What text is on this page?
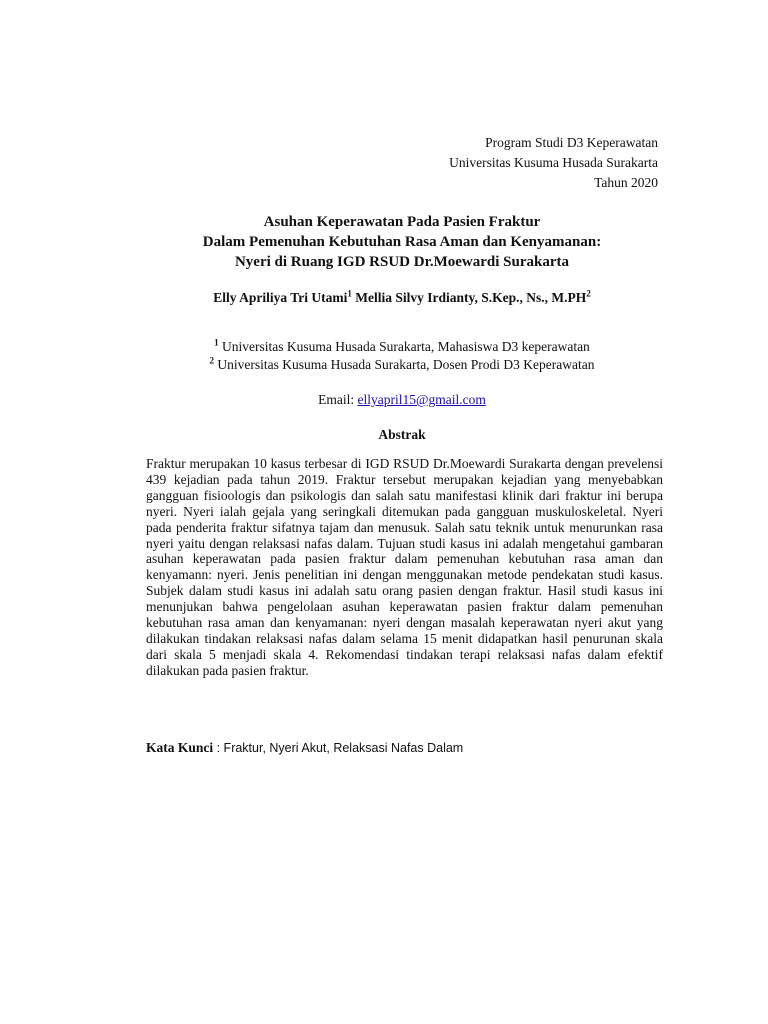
Program Studi D3 Keperawatan
Universitas Kusuma Husada Surakarta
Tahun 2020
Asuhan Keperawatan Pada Pasien Fraktur
Dalam Pemenuhan Kebutuhan Rasa Aman dan Kenyamanan:
Nyeri di Ruang IGD RSUD Dr.Moewardi Surakarta
Elly Apriliya Tri Utami$^1$ Mellia Silvy Irdianty, S.Kep., Ns., $M.PH^2$
$^1$ Universitas Kusuma Husada Surakarta, Mahasiswa D3 keperawatan
$^2$ Universitas Kusuma Husada Surakarta, Dosen Prodi D3 Keperawatan
Email: ellyapril15@gmail.com
Abstrak

Fraktur merupakan 10 kasus terbesar di IGD RSUD Dr.Moewardi Surakarta dengan prevelensi 439 kejadian pada tahun 2019. Fraktur tersebut merupakan kejadian yang menyebabkan gangguan fisioologis dan psikologis dan salah satu manifestasi klinik dari fraktur ini berupa nyeri. Nyeri ialah gejala yang seringkali ditemukan pada gangguan muskuloskeletal. Nyeri pada penderita fraktur sifatnya tajam dan menusuk. Salah satu teknik untuk menurunkan rasa nyeri yaitu dengan relaksasi nafas dalam. Tujuan studi kasus ini adalah mengetahui gambaran asuhan keperawatan pada pasien fraktur dalam pemenuhan kebutuhan rasa aman dan kenyamann: nyeri. Jenis penelitian ini dengan menggunakan metode pendekatan studi kasus. Subjek dalam studi kasus ini adalah satu orang pasien dengan fraktur. Hasil studi kasus ini menunjukan bahwa pengelolaan asuhan keperawatan pasien fraktur dalam pemenuhan kebutuhan rasa aman dan kenyamanan: nyeri dengan masalah keperawatan nyeri akut yang dilakukan tindakan relaksasi nafas dalam selama 15 menit didapatkan hasil penurunan skala dari skala 5 menjadi skala 4. Rekomendasi tindakan terapi relaksasi nafas dalam efektif dilakukan pada pasien fraktur.

Kata Kunci : Fraktur, Nyeri Akut, Relaksasi Nafas Dalam
